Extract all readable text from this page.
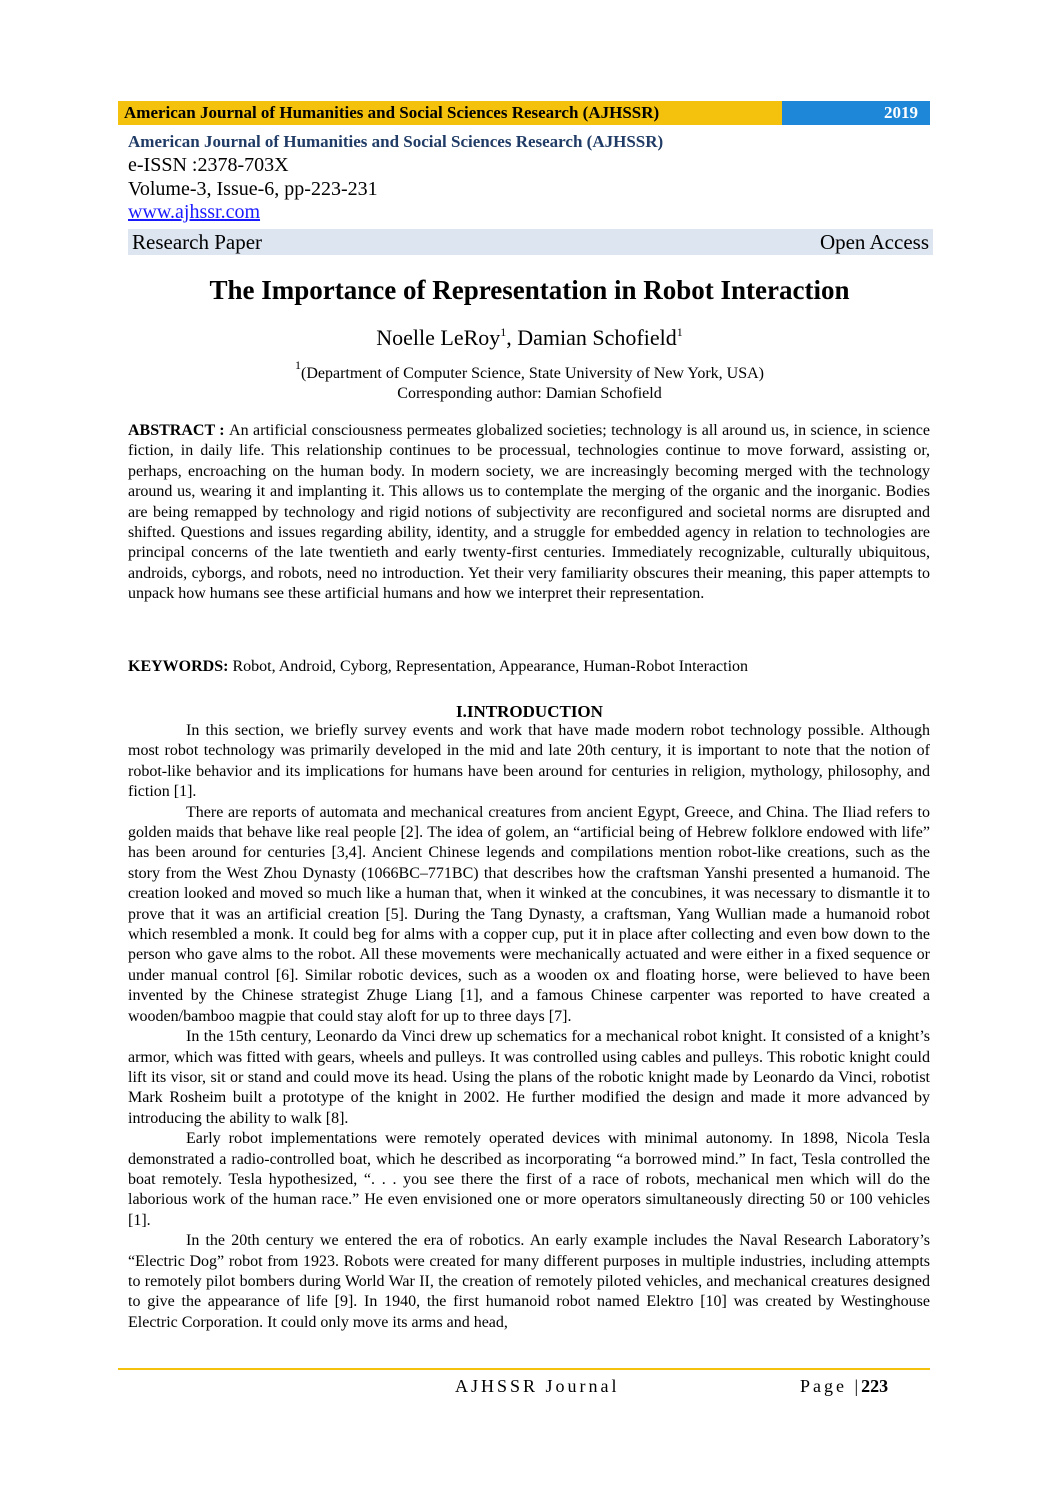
American Journal of Humanities and Social Sciences Research (AJHSSR)	2019
American Journal of Humanities and Social Sciences Research (AJHSSR)
e-ISSN :2378-703X
Volume-3, Issue-6, pp-223-231
www.ajhssr.com
Research Paper	Open Access
The Importance of Representation in Robot Interaction
Noelle LeRoy$^1$, Damian Schofield$^1$
$^1$(Department of Computer Science, State University of New York, USA)
Corresponding author: Damian Schofield
ABSTRACT : An artificial consciousness permeates globalized societies; technology is all around us, in science, in science fiction, in daily life. This relationship continues to be processual, technologies continue to move forward, assisting or, perhaps, encroaching on the human body. In modern society, we are increasingly becoming merged with the technology around us, wearing it and implanting it. This allows us to contemplate the merging of the organic and the inorganic. Bodies are being remapped by technology and rigid notions of subjectivity are reconfigured and societal norms are disrupted and shifted. Questions and issues regarding ability, identity, and a struggle for embedded agency in relation to technologies are principal concerns of the late twentieth and early twenty-first centuries. Immediately recognizable, culturally ubiquitous, androids, cyborgs, and robots, need no introduction. Yet their very familiarity obscures their meaning, this paper attempts to unpack how humans see these artificial humans and how we interpret their representation.
KEYWORDS: Robot, Android, Cyborg, Representation, Appearance, Human-Robot Interaction
I.INTRODUCTION

In this section, we briefly survey events and work that have made modern robot technology possible. Although most robot technology was primarily developed in the mid and late 20th century, it is important to note that the notion of robot-like behavior and its implications for humans have been around for centuries in religion, mythology, philosophy, and fiction [1].

There are reports of automata and mechanical creatures from ancient Egypt, Greece, and China. The Iliad refers to golden maids that behave like real people [2]. The idea of golem, an “artificial being of Hebrew folklore endowed with life” has been around for centuries [3,4]. Ancient Chinese legends and compilations mention robot-like creations, such as the story from the West Zhou Dynasty (1066BC–771BC) that describes how the craftsman Yanshi presented a humanoid. The creation looked and moved so much like a human that, when it winked at the concubines, it was necessary to dismantle it to prove that it was an artificial creation [5]. During the Tang Dynasty, a craftsman, Yang Wullian made a humanoid robot which resembled a monk. It could beg for alms with a copper cup, put it in place after collecting and even bow down to the person who gave alms to the robot. All these movements were mechanically actuated and were either in a fixed sequence or under manual control [6]. Similar robotic devices, such as a wooden ox and floating horse, were believed to have been invented by the Chinese strategist Zhuge Liang [1], and a famous Chinese carpenter was reported to have created a wooden/bamboo magpie that could stay aloft for up to three days [7].

In the 15th century, Leonardo da Vinci drew up schematics for a mechanical robot knight. It consisted of a knight’s armor, which was fitted with gears, wheels and pulleys. It was controlled using cables and pulleys. This robotic knight could lift its visor, sit or stand and could move its head. Using the plans of the robotic knight made by Leonardo da Vinci, robotist Mark Rosheim built a prototype of the knight in 2002. He further modified the design and made it more advanced by introducing the ability to walk [8].

Early robot implementations were remotely operated devices with minimal autonomy. In 1898, Nicola Tesla demonstrated a radio-controlled boat, which he described as incorporating “a borrowed mind.” In fact, Tesla controlled the boat remotely. Tesla hypothesized, “. . . you see there the first of a race of robots, mechanical men which will do the laborious work of the human race.” He even envisioned one or more operators simultaneously directing 50 or 100 vehicles [1].

In the 20th century we entered the era of robotics. An early example includes the Naval Research Laboratory’s “Electric Dog” robot from 1923. Robots were created for many different purposes in multiple industries, including attempts to remotely pilot bombers during World War II, the creation of remotely piloted vehicles, and mechanical creatures designed to give the appearance of life [9]. In 1940, the first humanoid robot named Elektro [10] was created by Westinghouse Electric Corporation. It could only move its arms and head,

AJHSSR Journal	Page |223
